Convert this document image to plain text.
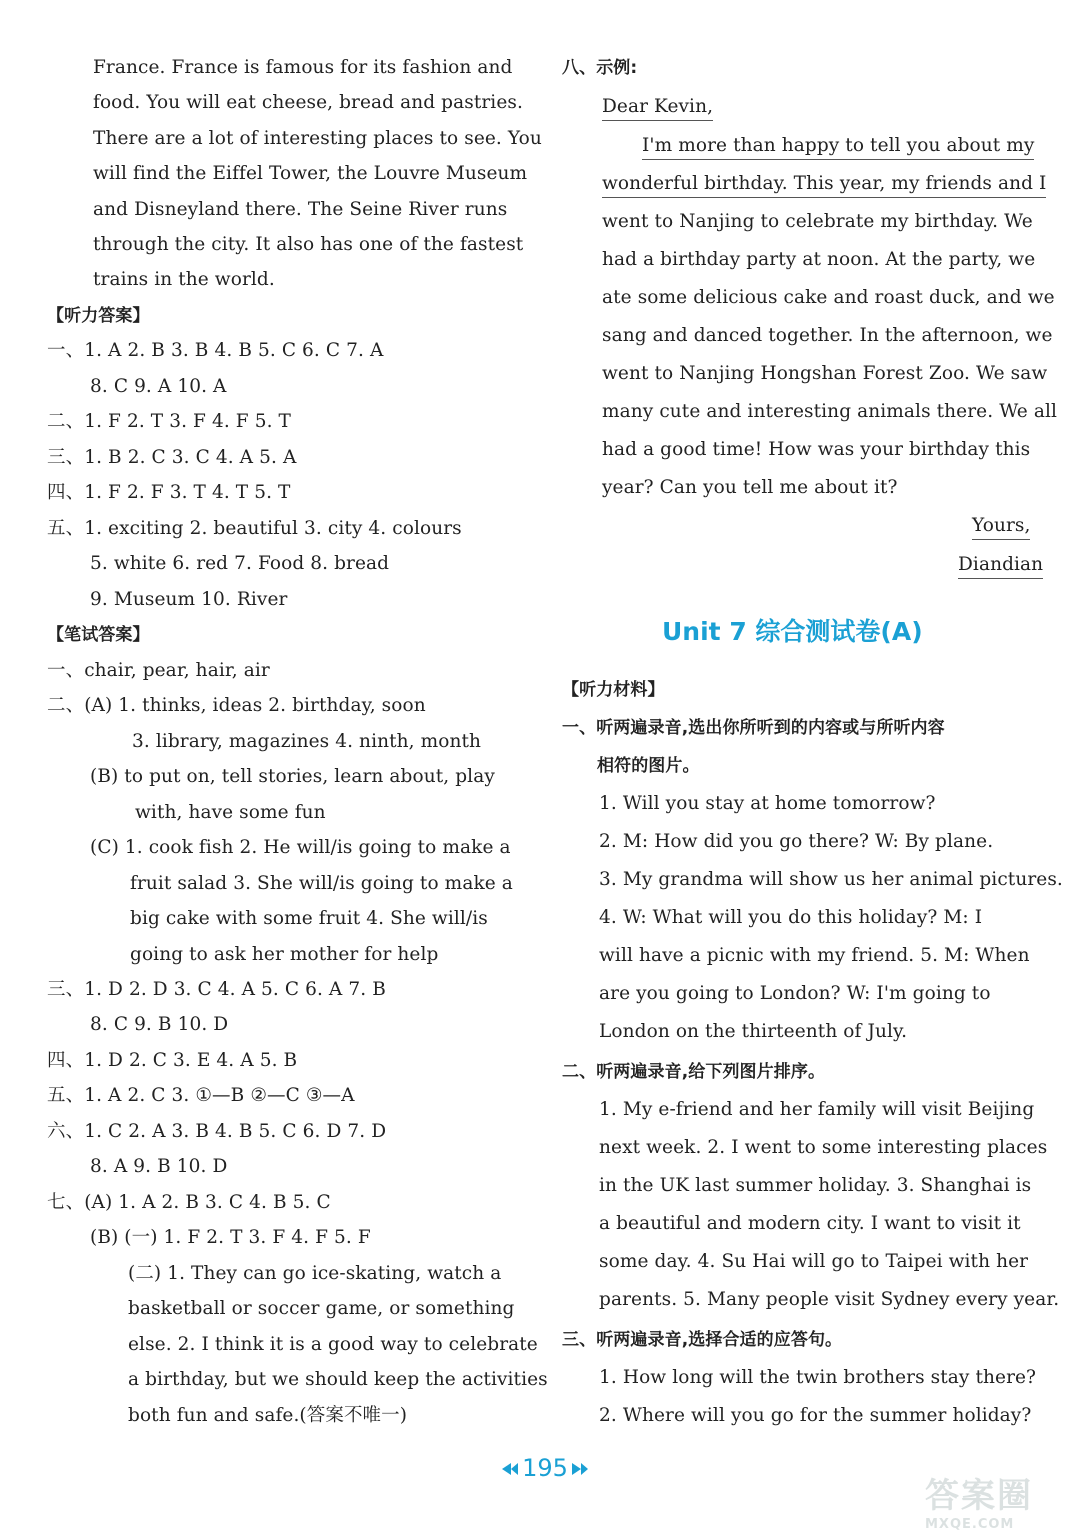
France. France is famous for its fashion and
food. You will eat cheese, bread and pastries.
There are a lot of interesting places to see. You
will find the Eiffel Tower, the Louvre Museum
and Disneyland there. The Seine River runs
through the city. It also has one of the fastest
trains in the world.
【听力答案】
一、1. A 2. B 3. B 4. B 5. C 6. C 7. A
8. C 9. A 10. A
二、1. F 2. T 3. F 4. F 5. T
三、1. B 2. C 3. C 4. A 5. A
四、1. F 2. F 3. T 4. T 5. T
五、1. exciting 2. beautiful 3. city 4. colours
5. white 6. red 7. Food 8. bread
9. Museum 10. River
【笔试答案】
一、chair, pear, hair, air
二、(A) 1. thinks, ideas 2. birthday, soon
3. library, magazines 4. ninth, month
(B) to put on, tell stories, learn about, play
with, have some fun
(C) 1. cook fish 2. He will/is going to make a
fruit salad 3. She will/is going to make a
big cake with some fruit 4. She will/is
going to ask her mother for help
三、1. D 2. D 3. C 4. A 5. C 6. A 7. B
8. C 9. B 10. D
四、1. D 2. C 3. E 4. A 5. B
五、1. A 2. C 3. ①—B ②—C ③—A
六、1. C 2. A 3. B 4. B 5. C 6. D 7. D
8. A 9. B 10. D
七、(A) 1. A 2. B 3. C 4. B 5. C
(B) (一) 1. F 2. T 3. F 4. F 5. F
(二) 1. They can go ice-skating, watch a
basketball or soccer game, or something
else. 2. I think it is a good way to celebrate
a birthday, but we should keep the activities
both fun and safe.(答案不唯一)
八、示例:
Dear Kevin,
I'm more than happy to tell you about my
wonderful birthday. This year, my friends and I
went to Nanjing to celebrate my birthday. We
had a birthday party at noon. At the party, we
ate some delicious cake and roast duck, and we
sang and danced together. In the afternoon, we
went to Nanjing Hongshan Forest Zoo. We saw
many cute and interesting animals there. We all
had a good time! How was your birthday this
year? Can you tell me about it?
Yours,
Diandian
【听力材料】
一、听两遍录音,选出你所听到的内容或与所听内容
相符的图片。
1. Will you stay at home tomorrow?
2. M: How did you go there? W: By plane.
3. My grandma will show us her animal pictures.
4. W: What will you do this holiday? M: I
will have a picnic with my friend. 5. M: When
are you going to London? W: I'm going to
London on the thirteenth of July.
二、听两遍录音,给下列图片排序。
1. My e-friend and her family will visit Beijing
next week. 2. I went to some interesting places
in the UK last summer holiday. 3. Shanghai is
a beautiful and modern city. I want to visit it
some day. 4. Su Hai will go to Taipei with her
parents. 5. Many people visit Sydney every year.
三、听两遍录音,选择合适的应答句。
1. How long will the twin brothers stay there?
2. Where will you go for the summer holiday?
Unit 7 综合测试卷(A)
195
答案圈
MXQE.COM
